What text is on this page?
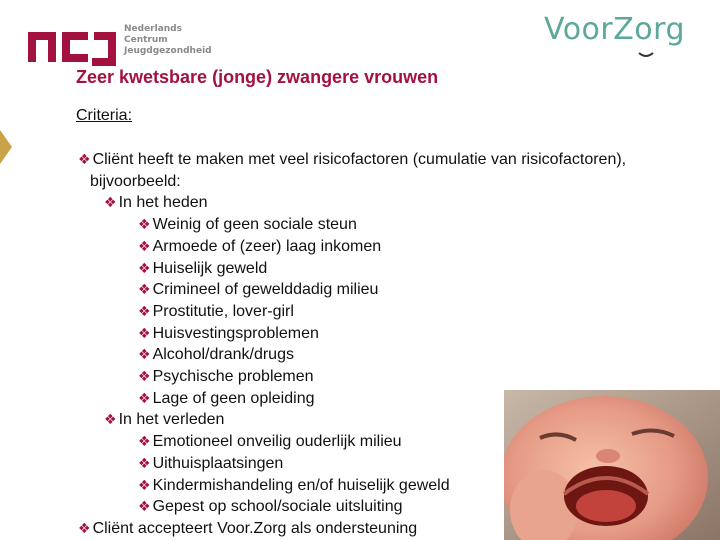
Nederlands
Centrum
Jeugdgezondheid
VoorZorg
Zeer kwetsbare (jonge) zwangere vrouwen
Criteria:
❖ Cliënt heeft te maken met veel risicofactoren (cumulatie van risicofactoren),
bijvoorbeeld:
❖ In het heden
❖ Weinig of geen sociale steun
❖ Armoede of (zeer) laag inkomen
❖ Huiselijk geweld
❖ Crimineel of gewelddadig milieu
❖ Prostitutie, lover-girl
❖ Huisvestingsproblemen
❖ Alcohol/drank/drugs
❖ Psychische problemen
❖ Lage of geen opleiding
❖ In het verleden
❖ Emotioneel onveilig ouderlijk milieu
❖ Uithuisplaatsingen
❖ Kindermishandeling en/of huiselijk geweld
❖ Gepest op school/sociale uitsluiting
❖ Cliënt accepteert Voor.Zorg als ondersteuning
